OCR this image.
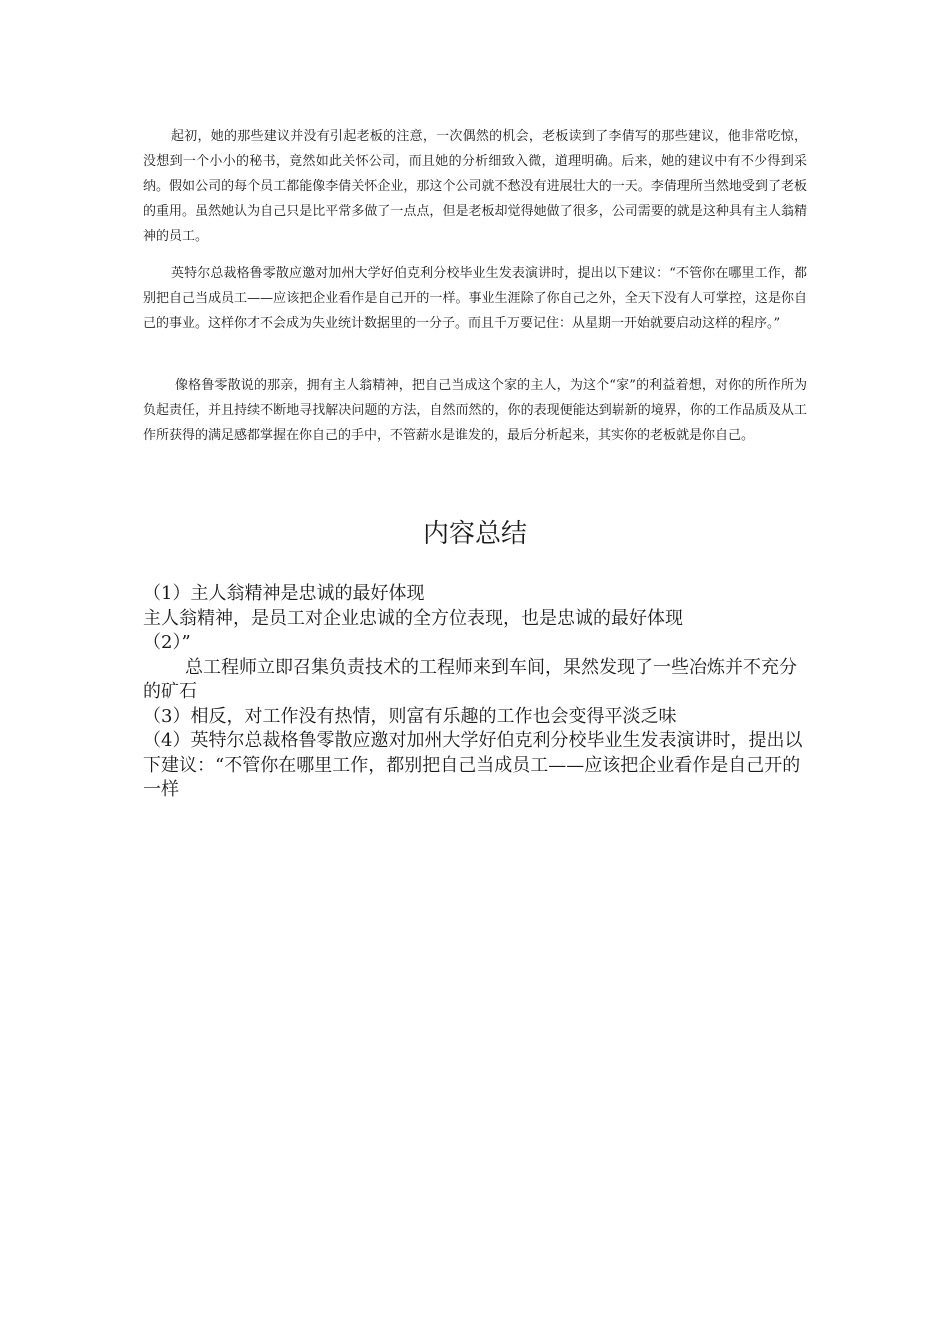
起初，她的那些建议并没有引起老板的注意，一次偶然的机会，老板读到了李倩写的那些建议，他非常吃惊，没想到一个小小的秘书，竟然如此关怀公司，而且她的分析细致入微，道理明确。后来，她的建议中有不少得到采纳。假如公司的每个员工都能像李倩关怀企业，那这个公司就不愁没有进展壮大的一天。李倩理所当然地受到了老板的重用。虽然她认为自己只是比平常多做了一点点，但是老板却觉得她做了很多，公司需要的就是这种具有主人翁精神的员工。

英特尔总裁格鲁零散应邀对加州大学好伯克利分校毕业生发表演讲时，提出以下建议：“不管你在哪里工作，都别把自己当成员工——应该把企业看作是自己开的一样。事业生涯除了你自己之外，全天下没有人可掌控，这是你自己的事业。这样你才不会成为失业统计数据里的一分子。而且千万要记住：从星期一开始就要启动这样的程序。”

像格鲁零散说的那亲，拥有主人翁精神，把自己当成这个家的主人，为这个“家”的利益着想，对你的所作所为负起责任，并且持续不断地寻找解决问题的方法，自然而然的，你的表现便能达到崭新的境界，你的工作品质及从工作所获得的满足感都掌握在你自己的手中，不管薪水是谁发的，最后分析起来，其实你的老板就是你自己。

内容总结

（1）主人翁精神是忠诚的最好体现

主人翁精神，是员工对企业忠诚的全方位表现，也是忠诚的最好体现

（2）”

总工程师立即召集负责技术的工程师来到车间，果然发现了一些冶炼并不充分的矿石

（3）相反，对工作没有热情，则富有乐趣的工作也会变得平淡乏味

（4）英特尔总裁格鲁零散应邀对加州大学好伯克利分校毕业生发表演讲时，提出以下建议：“不管你在哪里工作，都别把自己当成员工——应该把企业看作是自己开的一样
